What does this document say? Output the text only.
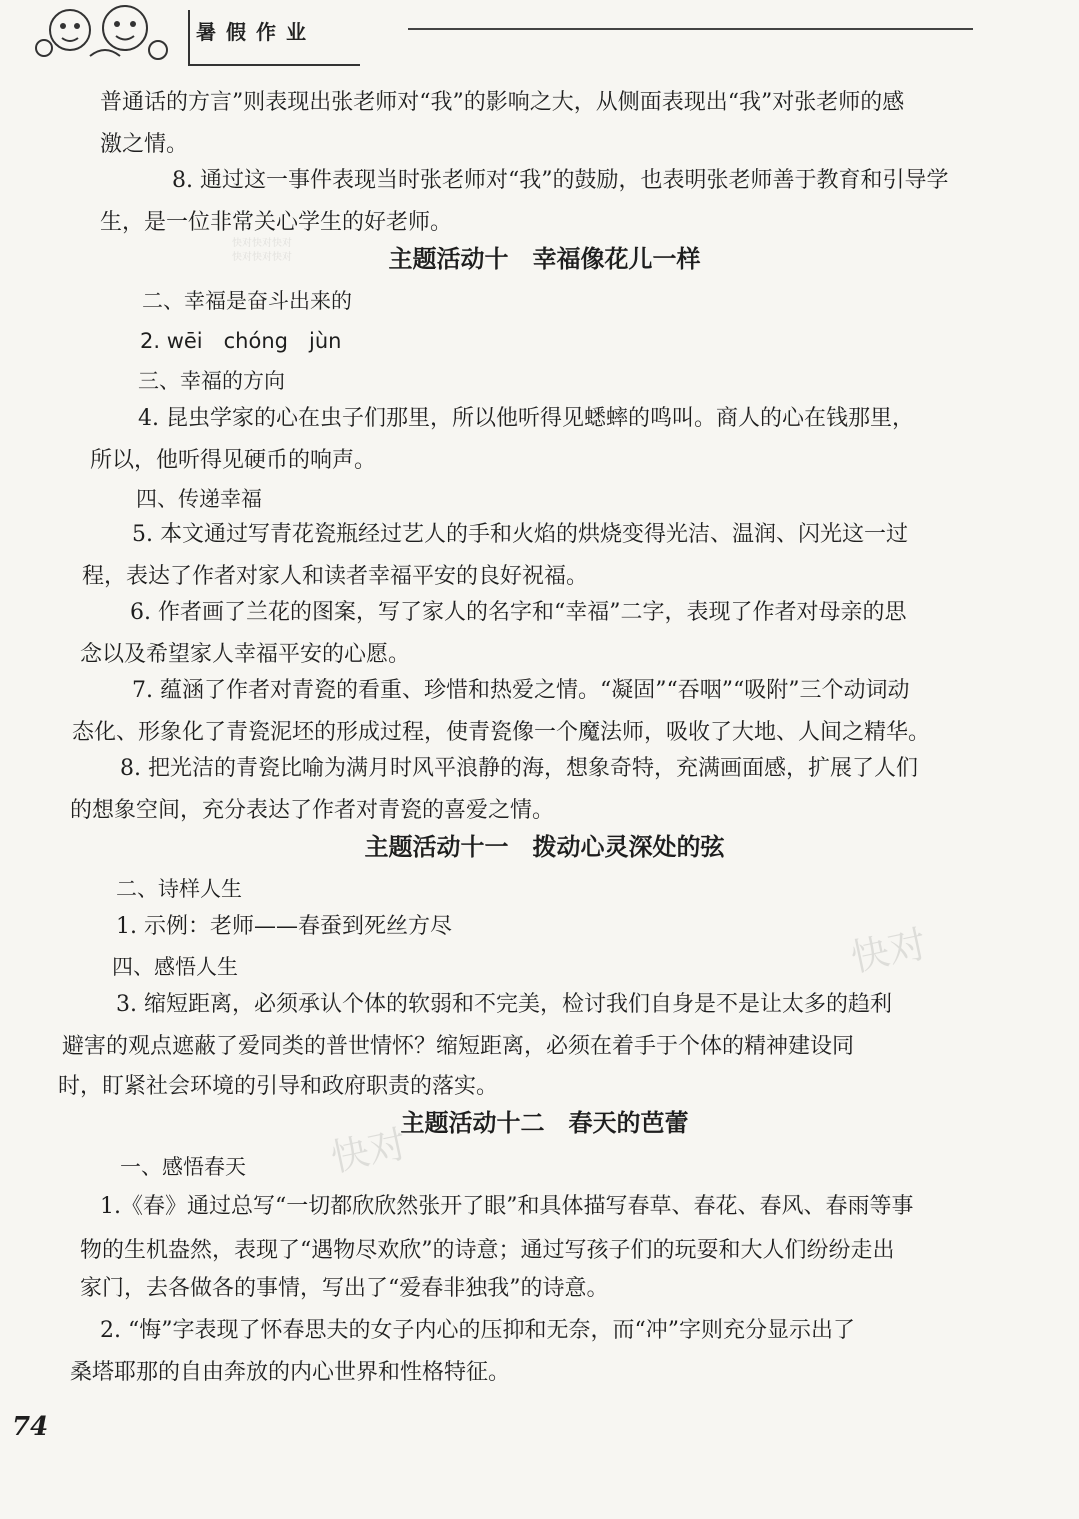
暑假作业
普通话的方言”则表现出张老师对“我”的影响之大，从侧面表现出“我”对张老师的感
激之情。
8. 通过这一事件表现当时张老师对“我”的鼓励，也表明张老师善于教育和引导学
生，是一位非常关心学生的好老师。
主题活动十　幸福像花儿一样
二、幸福是奋斗出来的
2. wēi　chóng　jùn
三、幸福的方向
4. 昆虫学家的心在虫子们那里，所以他听得见蟋蟀的鸣叫。商人的心在钱那里，
所以，他听得见硬币的响声。
四、传递幸福
5. 本文通过写青花瓷瓶经过艺人的手和火焰的烘烧变得光洁、温润、闪光这一过
程，表达了作者对家人和读者幸福平安的良好祝福。
6. 作者画了兰花的图案，写了家人的名字和“幸福”二字，表现了作者对母亲的思
念以及希望家人幸福平安的心愿。
7. 蕴涵了作者对青瓷的看重、珍惜和热爱之情。“凝固”“吞咽”“吸附”三个动词动
态化、形象化了青瓷泥坯的形成过程，使青瓷像一个魔法师，吸收了大地、人间之精华。
8. 把光洁的青瓷比喻为满月时风平浪静的海，想象奇特，充满画面感，扩展了人们
的想象空间，充分表达了作者对青瓷的喜爱之情。
主题活动十一　拨动心灵深处的弦
二、诗样人生
1. 示例：老师——春蚕到死丝方尽
四、感悟人生
3. 缩短距离，必须承认个体的软弱和不完美，检讨我们自身是不是让太多的趋利
避害的观点遮蔽了爱同类的普世情怀？缩短距离，必须在着手于个体的精神建设同
时，盯紧社会环境的引导和政府职责的落实。
主题活动十二　春天的芭蕾
一、感悟春天
1.《春》通过总写“一切都欣欣然张开了眼”和具体描写春草、春花、春风、春雨等事
物的生机盎然，表现了“遇物尽欢欣”的诗意；通过写孩子们的玩耍和大人们纷纷走出
家门，去各做各的事情，写出了“爱春非独我”的诗意。
2. “悔”字表现了怀春思夫的女子内心的压抑和无奈，而“冲”字则充分显示出了
桑塔耶那的自由奔放的内心世界和性格特征。
快对快对快对
快对快对快对
快对
快对
74
